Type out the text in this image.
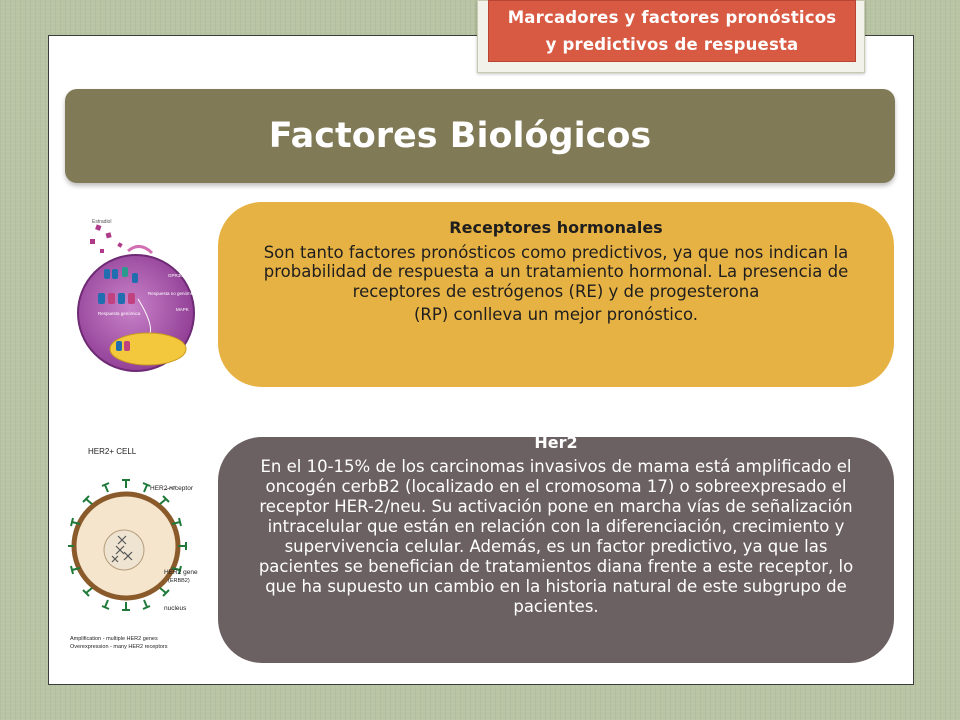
Marcadores y factores pronósticos
y predictivos de respuesta
Factores Biológicos
Estradiol
GPR30
Respuesta no genómica
MAPK
Respuesta genómica
HER2+ CELL
HER2 receptor
HER2 gene
(ERBB2)
nucleus
Amplification - multiple HER2 genes
Overexpression - many HER2 receptors
Receptores hormonales
Son tanto factores pronósticos como predictivos, ya que nos indican la probabilidad de respuesta a un tratamiento hormonal. La presencia de receptores de estrógenos (RE) y de progesterona
(RP) conlleva un mejor pronóstico.
Her2
En el 10-15% de los carcinomas invasivos de mama está amplificado el oncogén cerbB2 (localizado en el cromosoma 17) o sobreexpresado el receptor HER-2/neu. Su activación pone en marcha vías de señalización intracelular que están en relación con la diferenciación, crecimiento y supervivencia celular. Además, es un factor predictivo, ya que las pacientes se benefician de tratamientos diana frente a este receptor, lo que ha supuesto un cambio en la historia natural de este subgrupo de pacientes.
